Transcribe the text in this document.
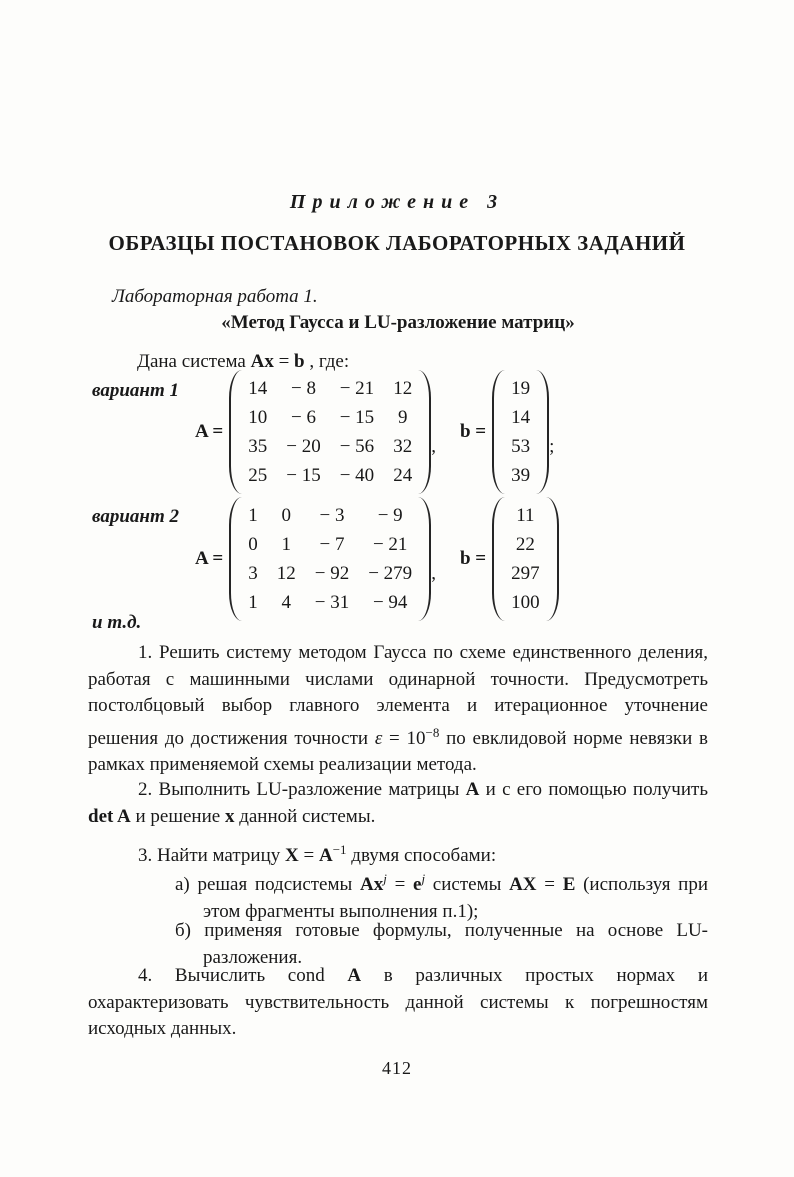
Приложение 3
ОБРАЗЦЫ ПОСТАНОВОК ЛАБОРАТОРНЫХ ЗАДАНИЙ
Лабораторная работа 1.
«Метод Гаусса и LU-разложение матриц»
Дана система Ax = b , где:
вариант 1
A =
14 − 8 − 21 12
10 − 6 − 15 9
35 − 20 − 56 32
25 − 15 − 40 24
,
b =
19
14
53
39
;
вариант 2
A =
1 0 − 3	− 9
0 1 − 7 − 21
3 12 − 92 − 279
1 4 − 31 − 94
,
b =
11
22
297
100
и т.д.
1. Решить систему методом Гаусса по схеме единственного деления, работая с машинными числами одинарной точности. Предусмотреть постолбцовый выбор главного элемента и итерационное уточнение решения до достижения точности $\varepsilon = 10^{-8}$ по евклидовой норме невязки в рамках применяемой схемы реализации метода.
2. Выполнить LU-разложение матрицы A и с его помощью получить det A и решение x данной системы.
3. Найти матрицу $X = A^{-1}$ двумя способами:
а) решая подсистемы $Ax^j = e^j$ системы AX = E (используя при этом фрагменты выполнения п.1);
б) применяя готовые формулы, полученные на основе LU-разложения.
4. Вычислить cond A в различных простых нормах и охарактеризовать чувствительность данной системы к погрешностям исходных данных.
412
